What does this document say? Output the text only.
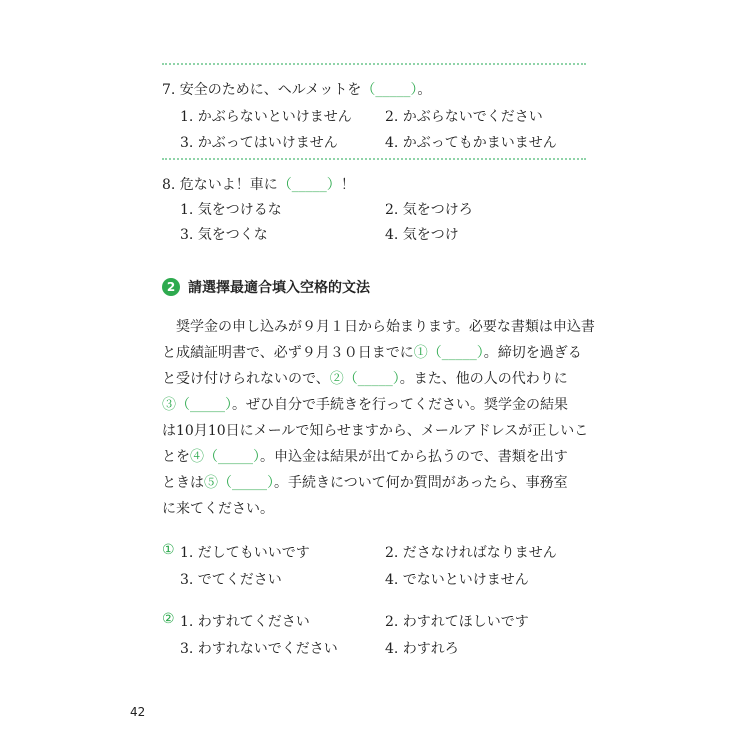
7. 安全のために、ヘルメットを（_____）。
1. かぶらないといけません 2. かぶらないでください
3. かぶってはいけません	4. かぶってもかまいません
8. 危ないよ！車に（_____）！
1. 気をつけるな	2. 気をつけろ
3. 気をつくな	4. 気をつけ
2 請選擇最適合填入空格的文法
奨学金の申し込みが９月１日から始まります。必要な書類は申込書
と成績証明書で、必ず９月３０日までに①（_____）。締切を過ぎる
と受け付けられないので、②（_____）。また、他の人の代わりに
③（_____）。ぜひ自分で手続きを行ってください。奨学金の結果
は10月10日にメールで知らせますから、メールアドレスが正しいこ
とを④（_____）。申込金は結果が出てから払うので、書類を出す
ときは⑤（_____）。手続きについて何か質問があったら、事務室
に来てください。
① 1. だしてもいいです	2. ださなければなりません
3. でてください	4. でないといけません
② 1. わすれてください	2. わすれてほしいです
3. わすれないでください	4. わすれろ
42
